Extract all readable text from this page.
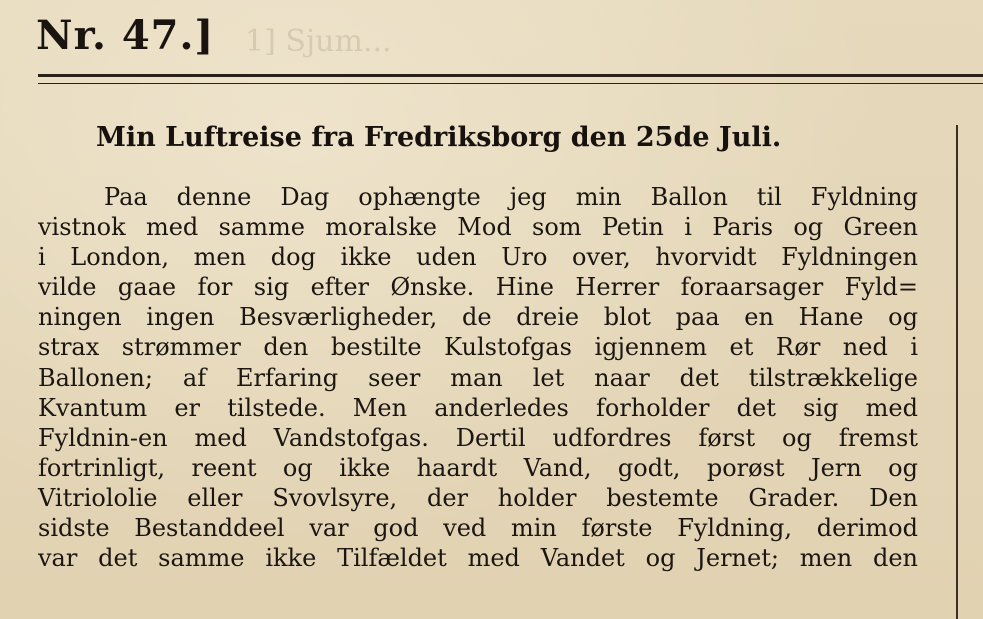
Nr. 47.] 1] Sjum...
Min Luftreise fra Fredriksborg den 25de Juli.
Paa denne Dag ophængte jeg min Ballon til Fyldning
vistnok med samme moralske Mod som Petin i Paris og Green
i London, men dog ikke uden Uro over, hvorvidt Fyldningen
vilde gaae for sig efter Ønske. Hine Herrer foraarsager Fyld=
ningen ingen Besværligheder, de dreie blot paa en Hane og
strax strømmer den bestilte Kulstofgas igjennem et Rør ned i
Ballonen; af Erfaring seer man let naar det tilstrækkelige
Kvantum er tilstede. Men anderledes forholder det sig med
Fyldnin-en med Vandstofgas. Dertil udfordres først og fremst
fortrinligt, reent og ikke haardt Vand, godt, porøst Jern og
Vitriololie eller Svovlsyre, der holder bestemte Grader. Den
sidste Bestanddeel var god ved min første Fyldning, derimod
var det samme ikke Tilfældet med Vandet og Jernet; men den
